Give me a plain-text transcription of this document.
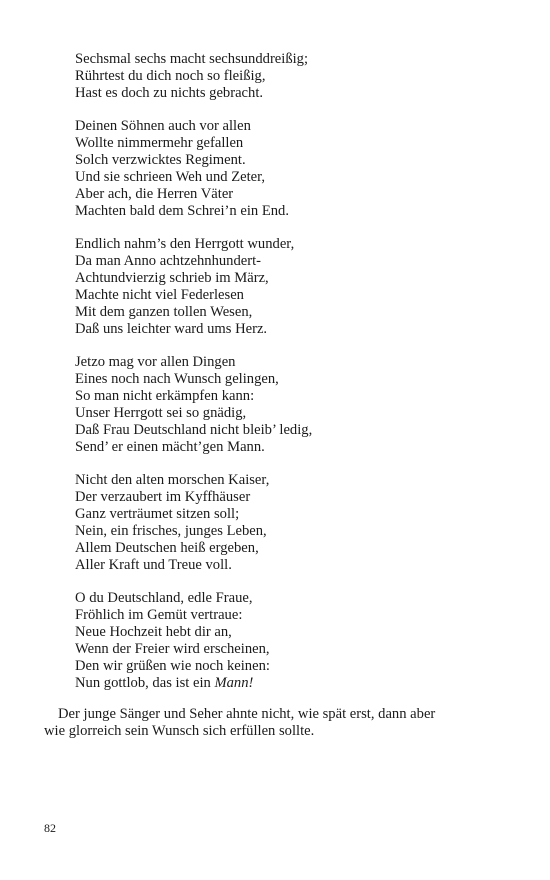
Sechsmal sechs macht sechsunddreißig;
Rührtest du dich noch so fleißig,
Hast es doch zu nichts gebracht.
Deinen Söhnen auch vor allen
Wollte nimmermehr gefallen
Solch verzwicktes Regiment.
Und sie schrieen Weh und Zeter,
Aber ach, die Herren Väter
Machten bald dem Schrei’n ein End.
Endlich nahm’s den Herrgott wunder,
Da man Anno achtzehnhundert-
Achtundvierzig schrieb im März,
Machte nicht viel Federlesen
Mit dem ganzen tollen Wesen,
Daß uns leichter ward ums Herz.
Jetzo mag vor allen Dingen
Eines noch nach Wunsch gelingen,
So man nicht erkämpfen kann:
Unser Herrgott sei so gnädig,
Daß Frau Deutschland nicht bleib’ ledig,
Send’ er einen mächt’gen Mann.
Nicht den alten morschen Kaiser,
Der verzaubert im Kyffhäuser
Ganz verträumet sitzen soll;
Nein, ein frisches, junges Leben,
Allem Deutschen heiß ergeben,
Aller Kraft und Treue voll.
O du Deutschland, edle Fraue,
Fröhlich im Gemüt vertraue:
Neue Hochzeit hebt dir an,
Wenn der Freier wird erscheinen,
Den wir grüßen wie noch keinen:
Nun gottlob, das ist ein Mann!
Der junge Sänger und Seher ahnte nicht, wie spät erst, dann aber
wie glorreich sein Wunsch sich erfüllen sollte.
82
